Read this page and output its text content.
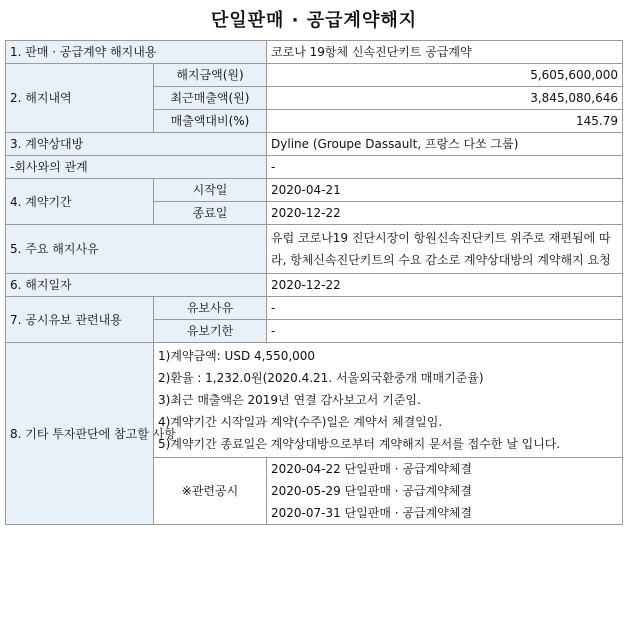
단일판매 · 공급계약해지
1. 판매 · 공급계약 해지내용		코로나 19항체 신속진단키트 공급계약
2. 해지내역	해지금액(원)	5,605,600,000
	최근매출액(원)	3,845,080,646
	매출액대비(%)	145.79
3. 계약상대방		Dyline (Groupe Dassault, 프랑스 다쏘 그룹)
-회사와의 관계		-
4. 계약기간	시작일	2020-04-21
	종료일	2020-12-22
5. 주요 해지사유		유럽 코로나19 진단시장이 항원신속진단키트 위주로 재편됨에 따라, 항체신속진단키트의 수요 감소로 계약상대방의 계약해지 요청
6. 해지일자		2020-12-22
7. 공시유보 관련내용	유보사유	-
	유보기한	-
8. 기타 투자판단에 참고할 사항	1)계약금액: USD 4,550,000
2)환율 : 1,232.0원(2020.4.21. 서울외국환중개 매매기준율)
3)최근 매출액은 2019년 연결 감사보고서 기준임.
4)계약기간 시작일과 계약(수주)일은 계약서 체결일임.
5)계약기간 종료일은 계약상대방으로부터 계약해지 문서를 접수한 날 입니다.	

	※관련공시	2020-04-22 단일판매 · 공급계약체결
2020-05-29 단일판매 · 공급계약체결
2020-07-31 단일판매 · 공급계약체결
